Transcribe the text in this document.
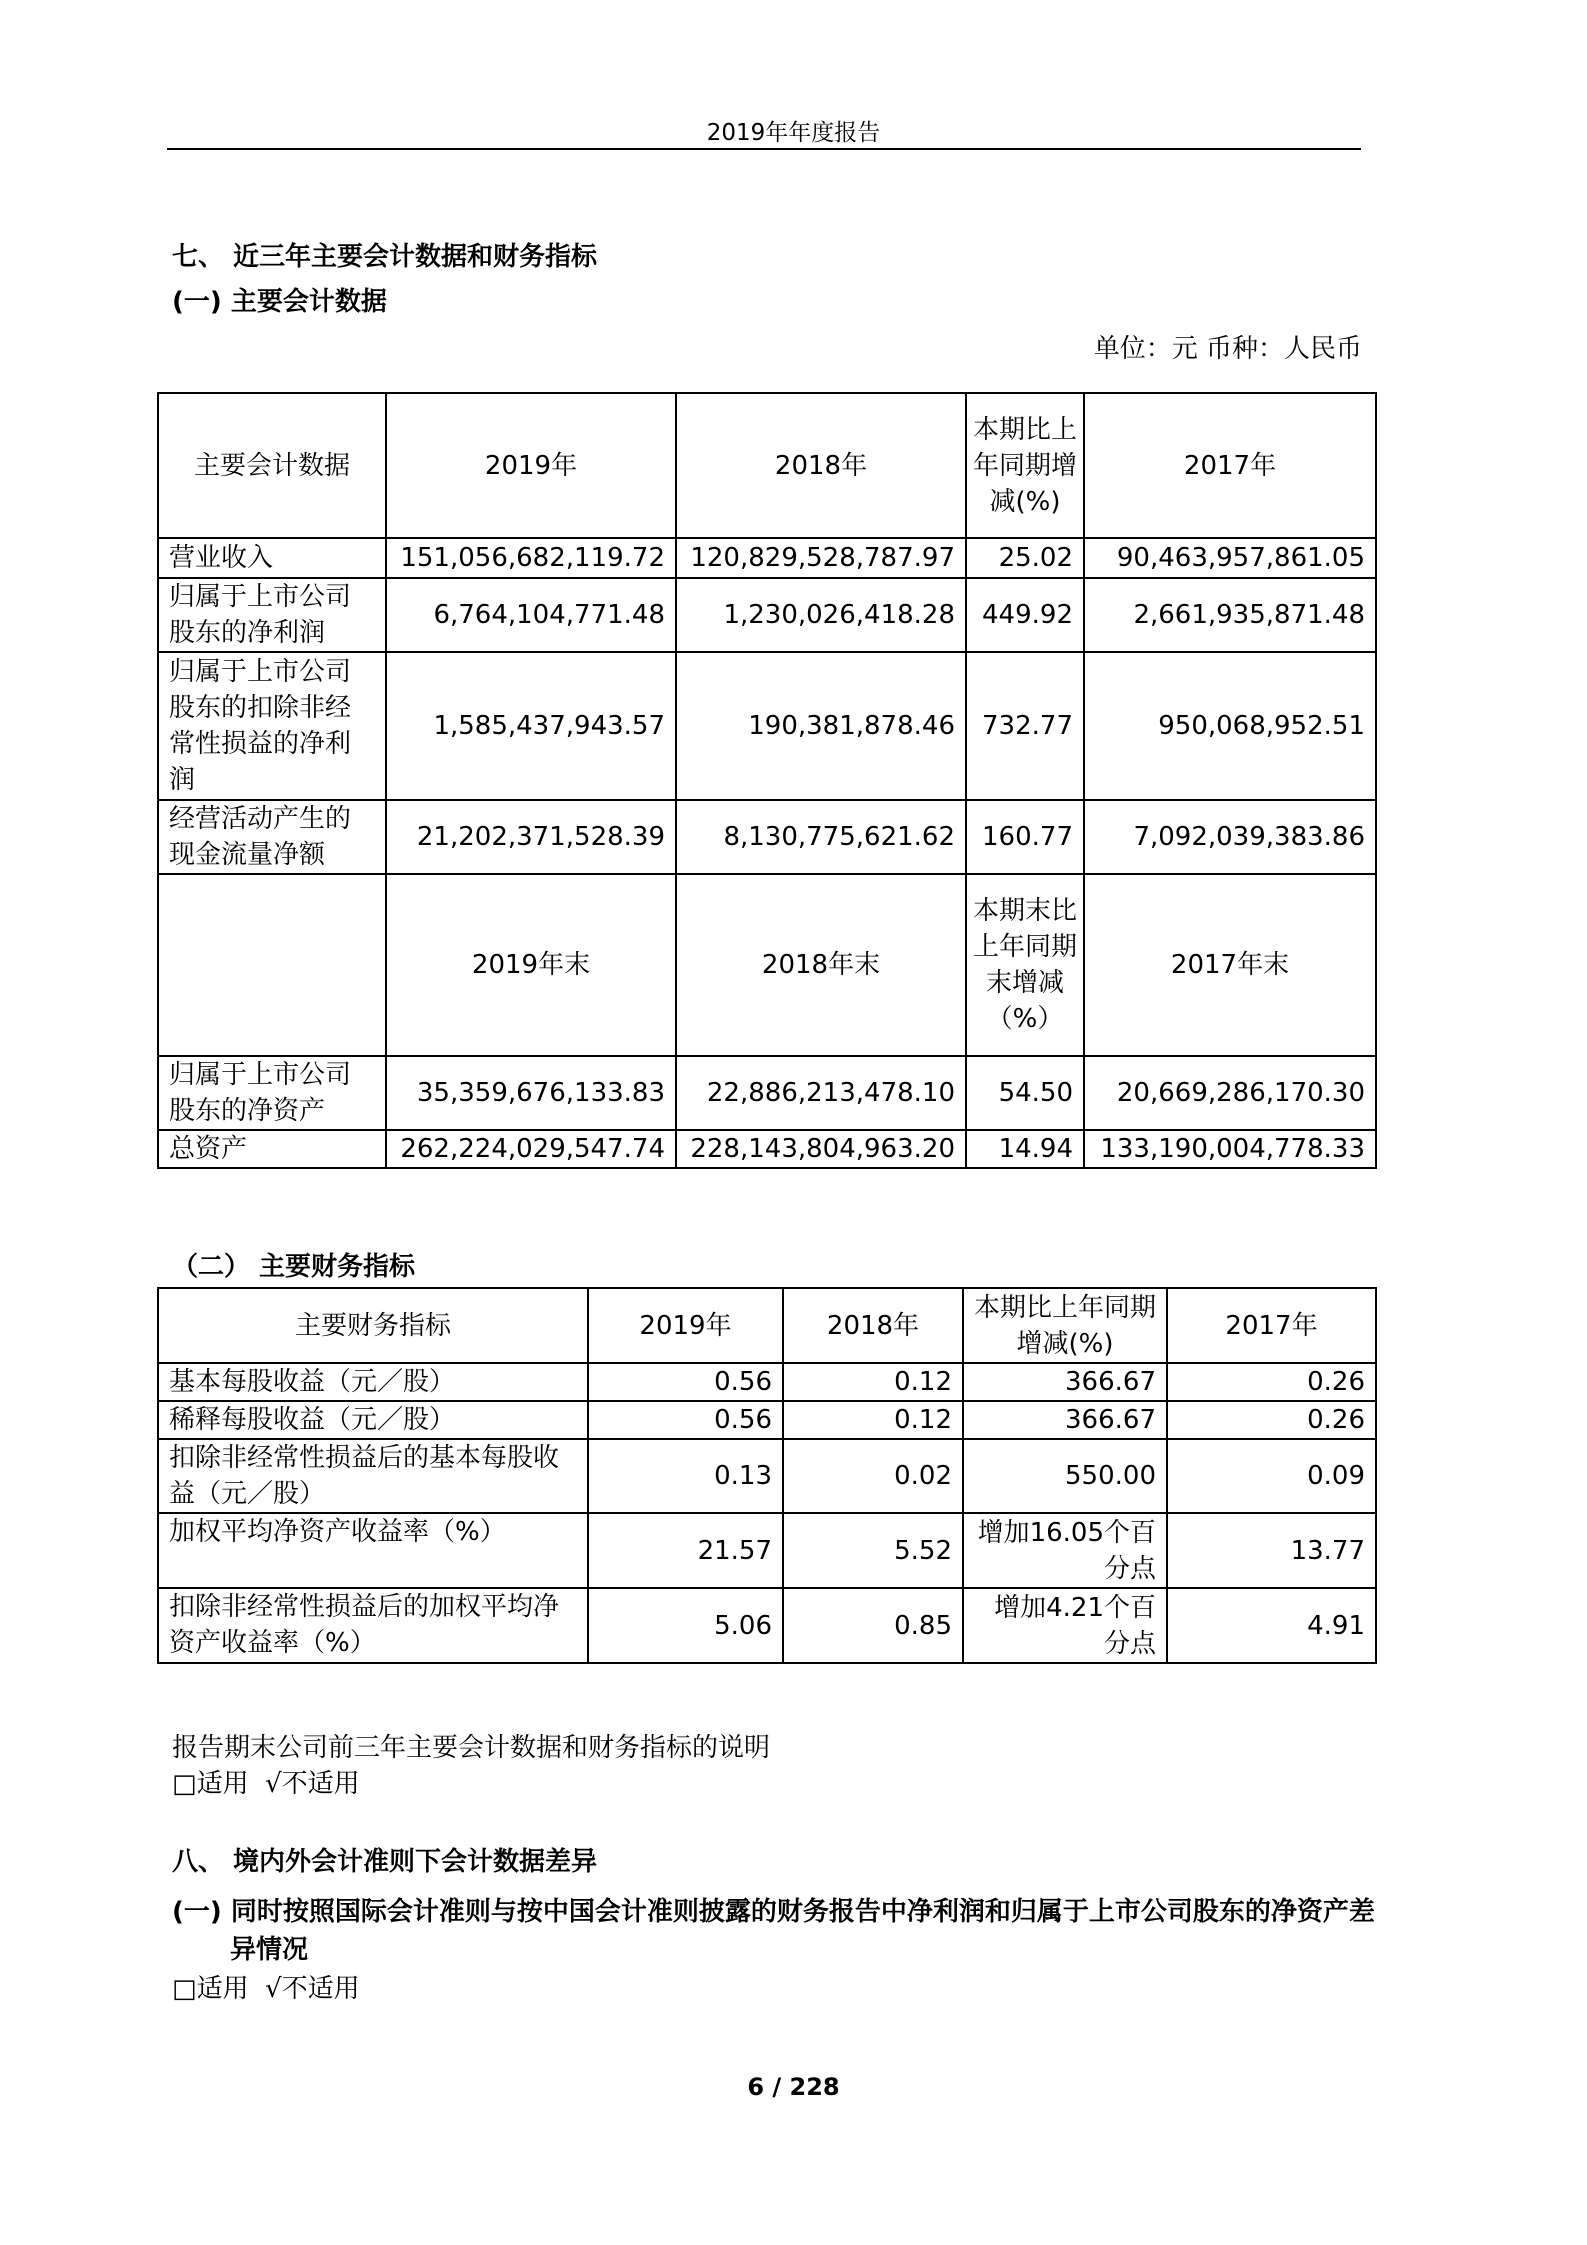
2019年年度报告
七、 近三年主要会计数据和财务指标
(一) 主要会计数据
单位：元 币种：人民币
主要会计数据	2019年	2018年	本期比上年同期增减(%)	2017年
营业收入	151,056,682,119.72	120,829,528,787.97	25.02	90,463,957,861.05
归属于上市公司股东的净利润	6,764,104,771.48	1,230,026,418.28	449.92	2,661,935,871.48
归属于上市公司股东的扣除非经常性损益的净利润	1,585,437,943.57	190,381,878.46	732.77	950,068,952.51
经营活动产生的现金流量净额	21,202,371,528.39	8,130,775,621.62	160.77	7,092,039,383.86
	2019年末	2018年末	本期末比上年同期末增减（%）	2017年末
归属于上市公司股东的净资产	35,359,676,133.83	22,886,213,478.10	54.50	20,669,286,170.30
总资产	262,224,029,547.74	228,143,804,963.20	14.94	133,190,004,778.33
（二） 主要财务指标
主要财务指标	2019年	2018年	本期比上年同期增减(%)	2017年
基本每股收益（元／股）	0.56	0.12	366.67	0.26
稀释每股收益（元／股）	0.56	0.12	366.67	0.26
扣除非经常性损益后的基本每股收益（元／股）	0.13	0.02	550.00	0.09
加权平均净资产收益率（%）	21.57	5.52	增加16.05个百分点	13.77
扣除非经常性损益后的加权平均净资产收益率（%）	5.06	0.85	增加4.21个百分点	4.91
报告期末公司前三年主要会计数据和财务指标的说明
□适用  √不适用
八、 境内外会计准则下会计数据差异
(一) 同时按照国际会计准则与按中国会计准则披露的财务报告中净利润和归属于上市公司股东的净资产差异情况
□适用  √不适用
6 / 228
